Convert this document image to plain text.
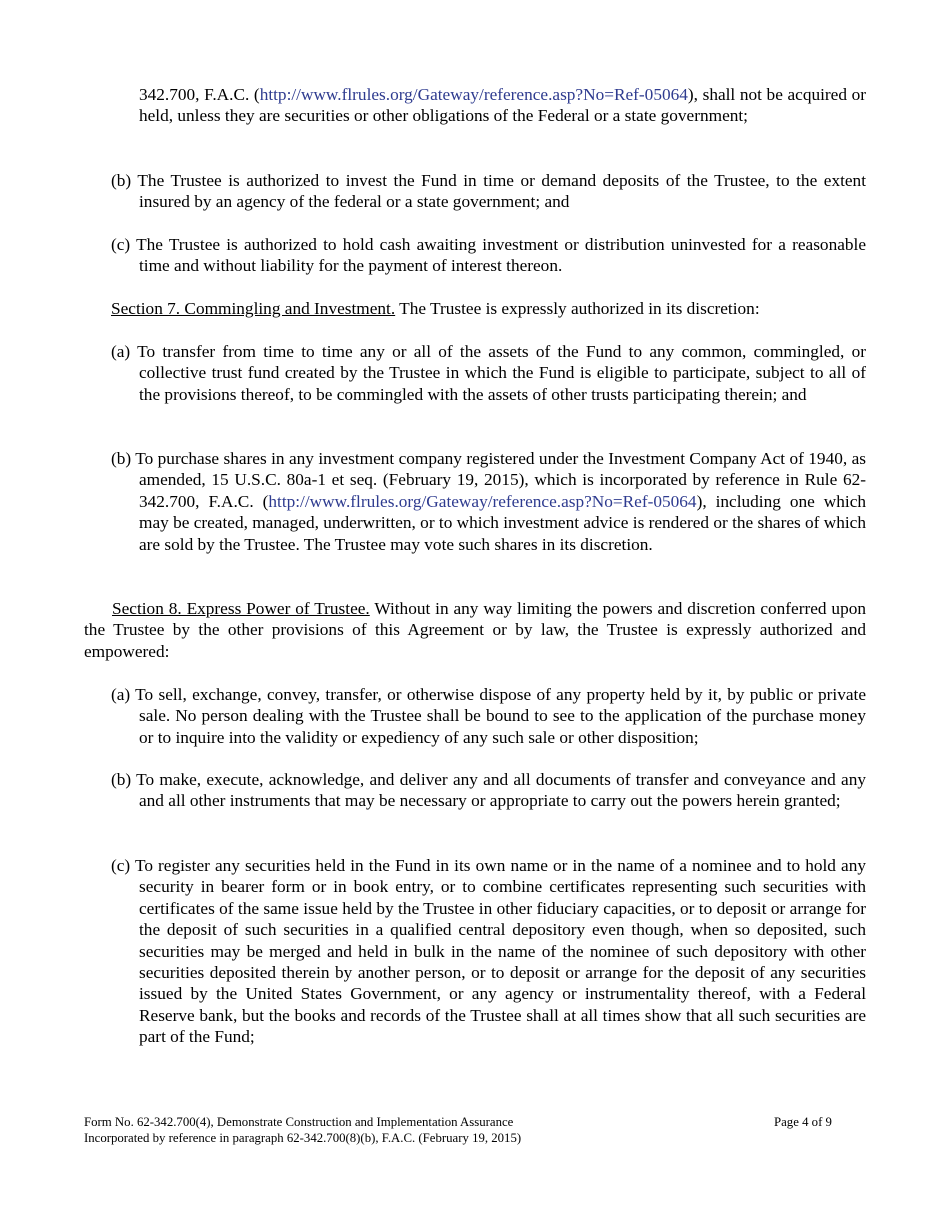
342.700, F.A.C. (http://www.flrules.org/Gateway/reference.asp?No=Ref-05064), shall not be acquired or held, unless they are securities or other obligations of the Federal or a state government;
(b) The Trustee is authorized to invest the Fund in time or demand deposits of the Trustee, to the extent insured by an agency of the federal or a state government; and
(c) The Trustee is authorized to hold cash awaiting investment or distribution uninvested for a reasonable time and without liability for the payment of interest thereon.
Section 7. Commingling and Investment. The Trustee is expressly authorized in its discretion:
(a) To transfer from time to time any or all of the assets of the Fund to any common, commingled, or collective trust fund created by the Trustee in which the Fund is eligible to participate, subject to all of the provisions thereof, to be commingled with the assets of other trusts participating therein; and
(b) To purchase shares in any investment company registered under the Investment Company Act of 1940, as amended, 15 U.S.C. 80a-1 et seq. (February 19, 2015), which is incorporated by reference in Rule 62-342.700, F.A.C. (http://www.flrules.org/Gateway/reference.asp?No=Ref-05064), including one which may be created, managed, underwritten, or to which investment advice is rendered or the shares of which are sold by the Trustee. The Trustee may vote such shares in its discretion.
Section 8. Express Power of Trustee. Without in any way limiting the powers and discretion conferred upon the Trustee by the other provisions of this Agreement or by law, the Trustee is expressly authorized and empowered:
(a) To sell, exchange, convey, transfer, or otherwise dispose of any property held by it, by public or private sale. No person dealing with the Trustee shall be bound to see to the application of the purchase money or to inquire into the validity or expediency of any such sale or other disposition;
(b) To make, execute, acknowledge, and deliver any and all documents of transfer and conveyance and any and all other instruments that may be necessary or appropriate to carry out the powers herein granted;
(c) To register any securities held in the Fund in its own name or in the name of a nominee and to hold any security in bearer form or in book entry, or to combine certificates representing such securities with certificates of the same issue held by the Trustee in other fiduciary capacities, or to deposit or arrange for the deposit of such securities in a qualified central depository even though, when so deposited, such securities may be merged and held in bulk in the name of the nominee of such depository with other securities deposited therein by another person, or to deposit or arrange for the deposit of any securities issued by the United States Government, or any agency or instrumentality thereof, with a Federal Reserve bank, but the books and records of the Trustee shall at all times show that all such securities are part of the Fund;
Form No. 62-342.700(4), Demonstrate Construction and Implementation Assurance
Incorporated by reference in paragraph 62-342.700(8)(b), F.A.C. (February 19, 2015)
Page 4 of 9
